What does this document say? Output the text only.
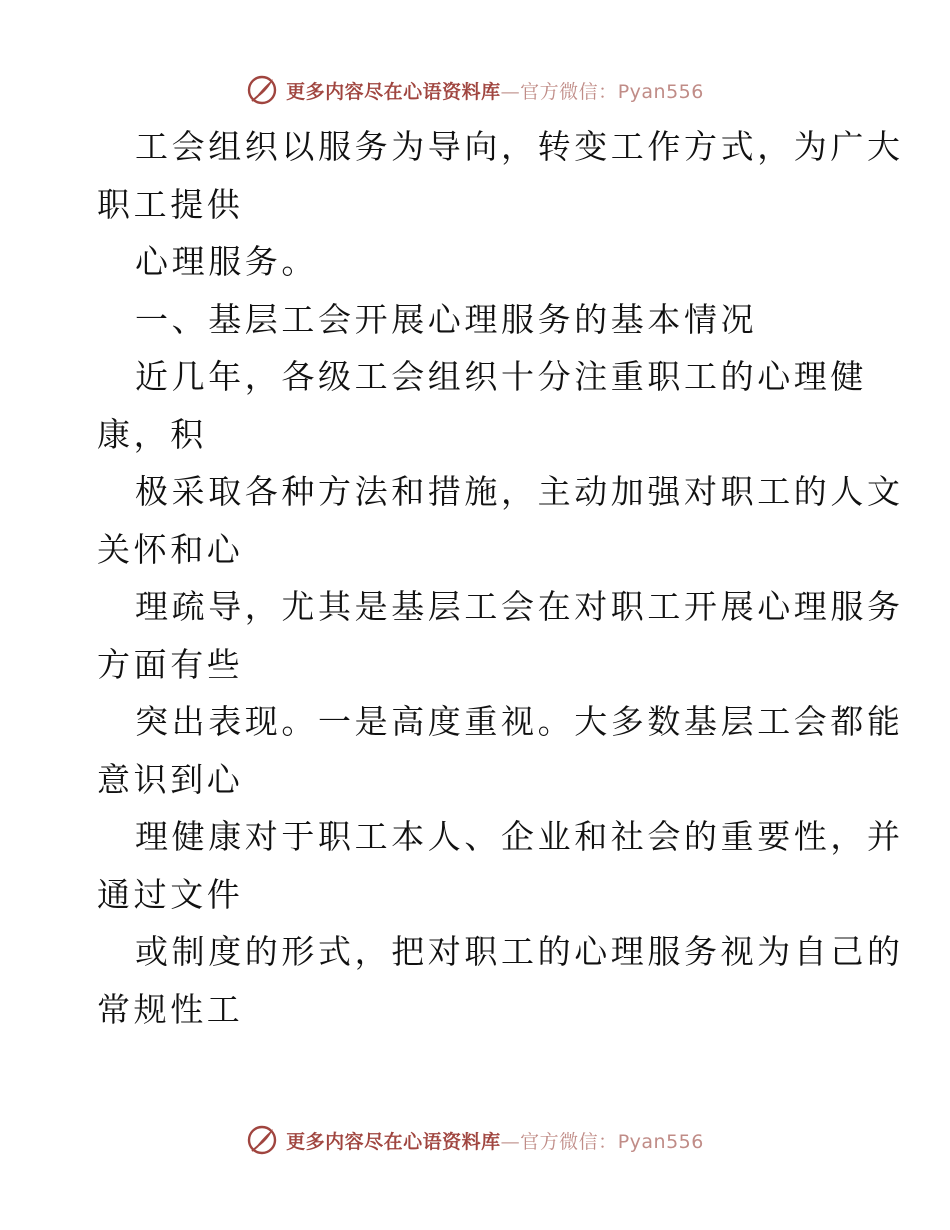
更多内容尽在心语资料库—官方微信：Pyan556
工会组织以服务为导向，转变工作方式，为广大
职工提供
心理服务。
一、基层工会开展心理服务的基本情况
近几年，各级工会组织十分注重职工的心理健
康，积
极采取各种方法和措施，主动加强对职工的人文
关怀和心
理疏导，尤其是基层工会在对职工开展心理服务
方面有些
突出表现。一是高度重视。大多数基层工会都能
意识到心
理健康对于职工本人、企业和社会的重要性，并
通过文件
或制度的形式，把对职工的心理服务视为自己的
常规性工
更多内容尽在心语资料库—官方微信：Pyan556
